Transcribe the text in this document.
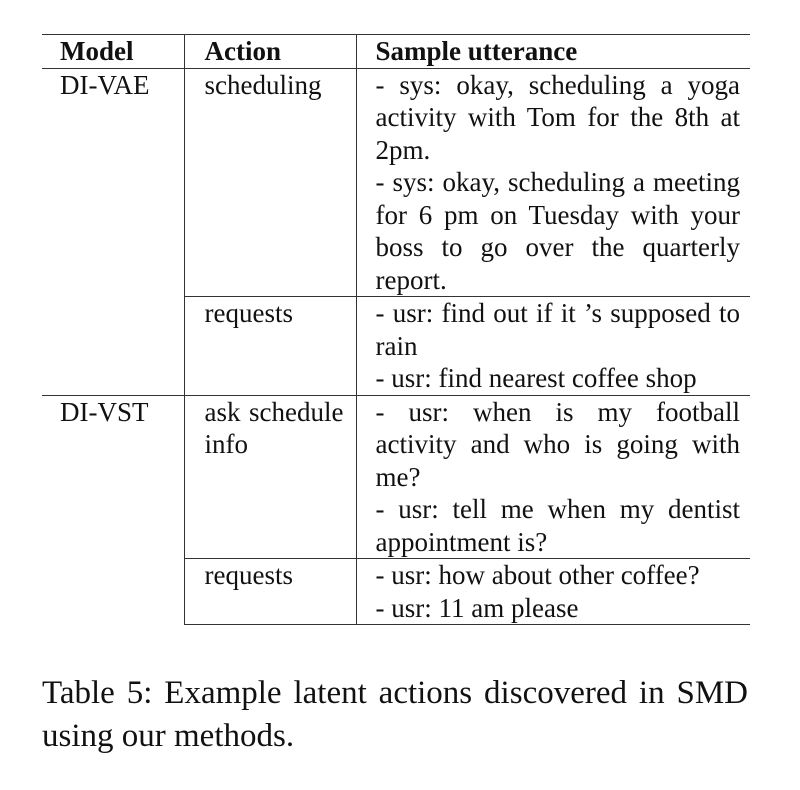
Model	Action	Sample utterance
DI-VAE	scheduling	- sys: okay, scheduling a yoga activity with Tom for the 8th at 2pm.
- sys: okay, scheduling a meeting for 6 pm on Tuesday with your boss to go over the quarterly report.

	requests	- usr: find out if it ’s supposed to rain
- usr: find nearest coffee shop

DI-VST	ask schedule info	- usr: when is my football activity and who is going with me?
- usr: tell me when my dentist appointment is?

	requests	- usr: how about other coffee?
- usr: 11 am please
Table 5: Example latent actions discovered in SMD using our methods.
